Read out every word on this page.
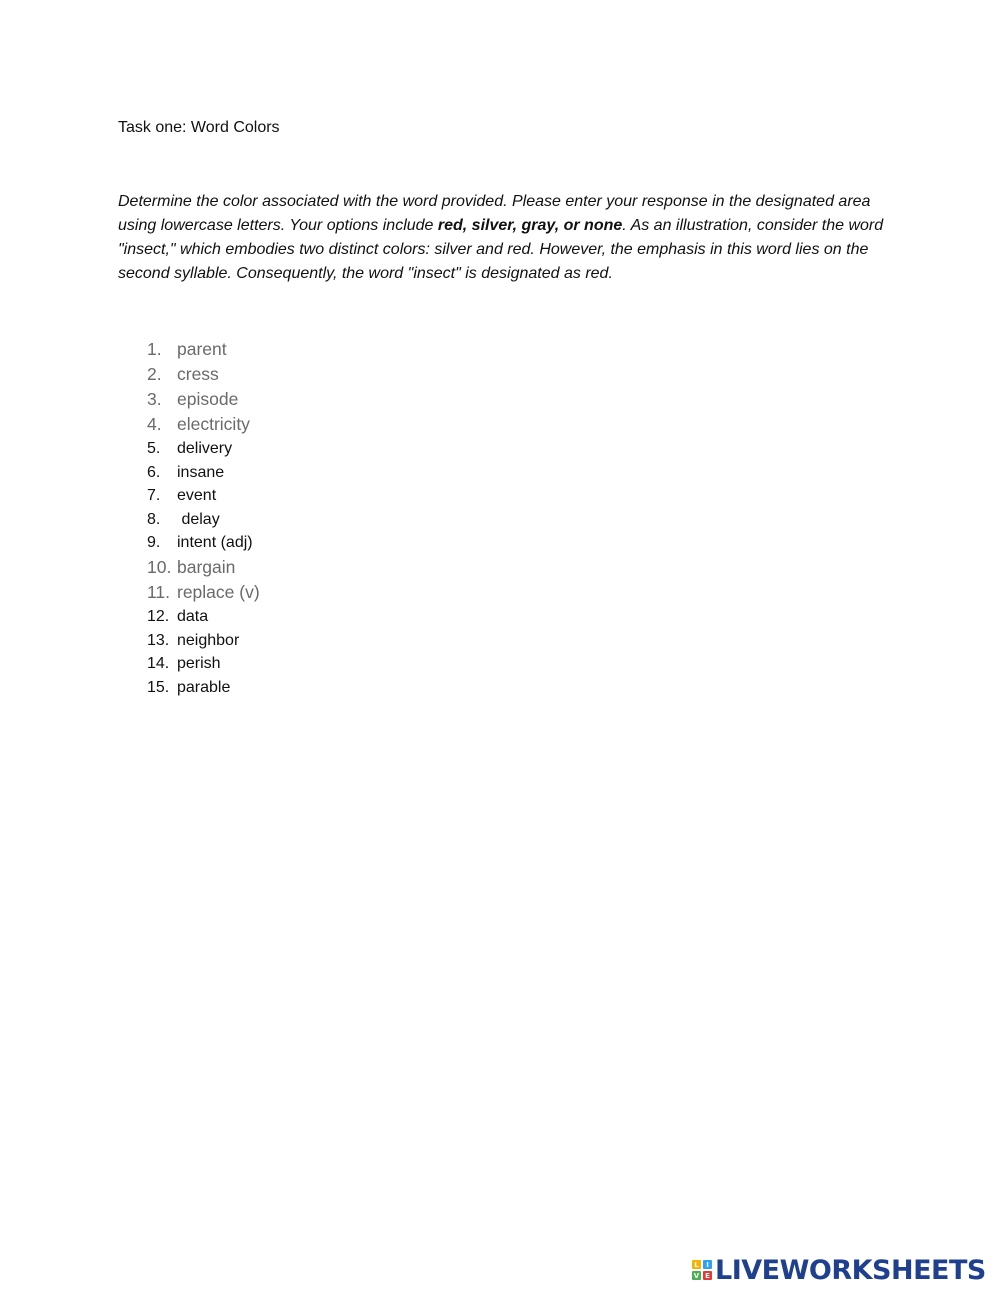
Task one: Word Colors
Determine the color associated with the word provided. Please enter your response in the designated area using lowercase letters. Your options include red, silver, gray, or none. As an illustration, consider the word "insect," which embodies two distinct colors: silver and red. However, the emphasis in this word lies on the second syllable. Consequently, the word "insect" is designated as red.
1. parent
2. cress
3. episode
4. electricity
5.	delivery
6.	insane
7.	event
8.	delay
9.	intent (adj)
10. bargain
11. replace (v)
12. data
13. neighbor
14. perish
15. parable
L	I
V E LIVEWORKSHEETS
